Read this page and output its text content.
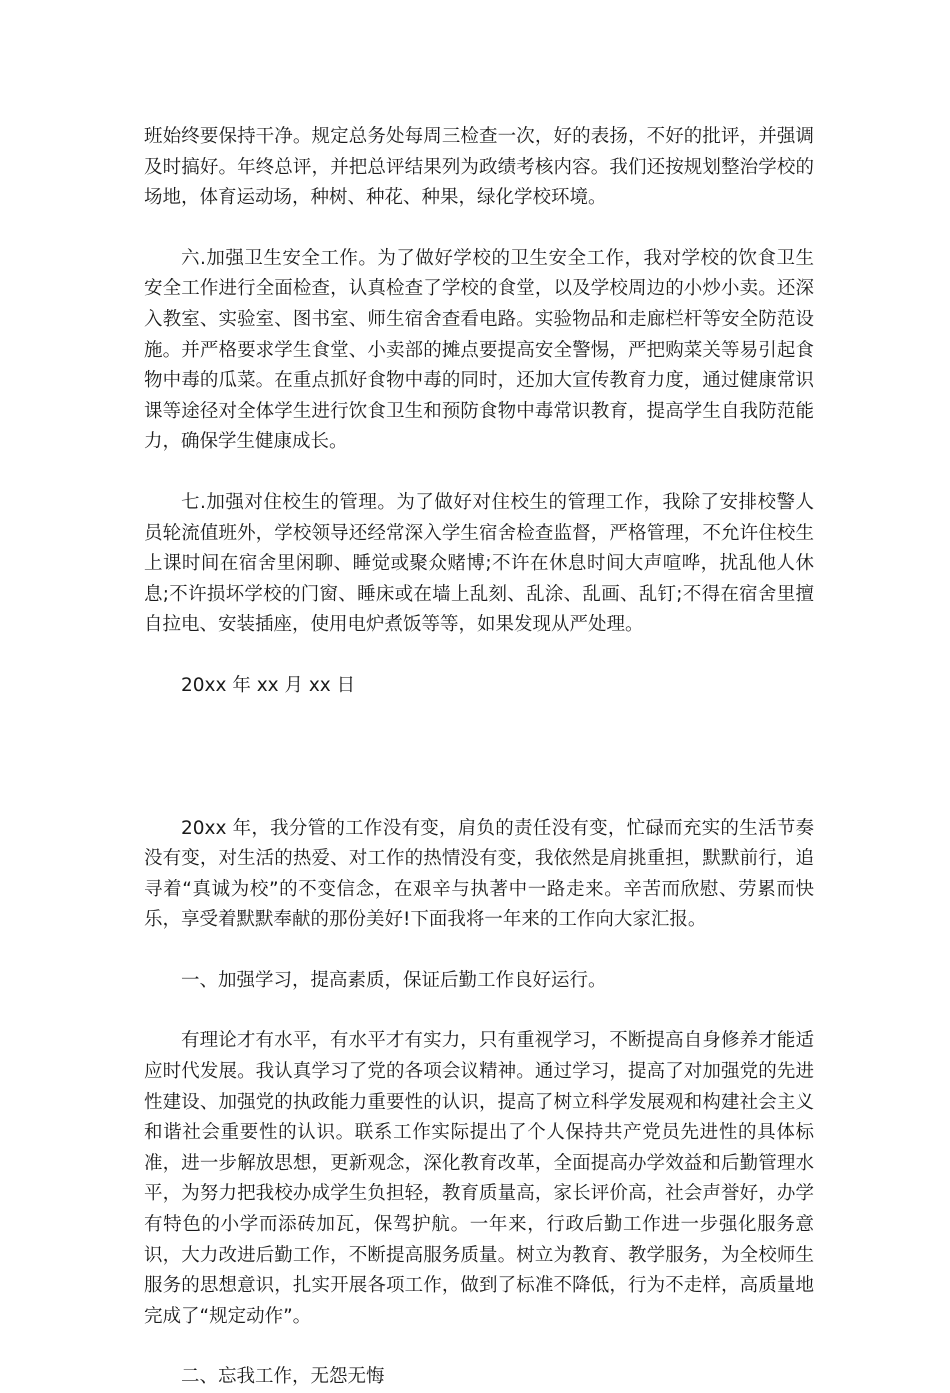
班始终要保持干净。规定总务处每周三检查一次，好的表扬，不好的批评，并强调及时搞好。年终总评，并把总评结果列为政绩考核内容。我们还按规划整治学校的场地，体育运动场，种树、种花、种果，绿化学校环境。

六.加强卫生安全工作。为了做好学校的卫生安全工作，我对学校的饮食卫生安全工作进行全面检查，认真检查了学校的食堂，以及学校周边的小炒小卖。还深入教室、实验室、图书室、师生宿舍查看电路。实验物品和走廊栏杆等安全防范设施。并严格要求学生食堂、小卖部的摊点要提高安全警惕，严把购菜关等易引起食物中毒的瓜菜。在重点抓好食物中毒的同时，还加大宣传教育力度，通过健康常识课等途径对全体学生进行饮食卫生和预防食物中毒常识教育，提高学生自我防范能力，确保学生健康成长。

七.加强对住校生的管理。为了做好对住校生的管理工作，我除了安排校警人员轮流值班外，学校领导还经常深入学生宿舍检查监督，严格管理，不允许住校生上课时间在宿舍里闲聊、睡觉或聚众赌博;不许在休息时间大声喧哗，扰乱他人休息;不许损坏学校的门窗、睡床或在墙上乱刻、乱涂、乱画、乱钉;不得在宿舍里擅自拉电、安装插座，使用电炉煮饭等等，如果发现从严处理。

20xx 年 xx 月 xx 日

20xx 年，我分管的工作没有变，肩负的责任没有变，忙碌而充实的生活节奏没有变，对生活的热爱、对工作的热情没有变，我依然是肩挑重担，默默前行，追寻着“真诚为校”的不变信念，在艰辛与执著中一路走来。辛苦而欣慰、劳累而快乐，享受着默默奉献的那份美好!下面我将一年来的工作向大家汇报。

一、加强学习，提高素质，保证后勤工作良好运行。

有理论才有水平，有水平才有实力，只有重视学习，不断提高自身修养才能适应时代发展。我认真学习了党的各项会议精神。通过学习，提高了对加强党的先进性建设、加强党的执政能力重要性的认识，提高了树立科学发展观和构建社会主义和谐社会重要性的认识。联系工作实际提出了个人保持共产党员先进性的具体标准，进一步解放思想，更新观念，深化教育改革，全面提高办学效益和后勤管理水平，为努力把我校办成学生负担轻，教育质量高，家长评价高，社会声誉好，办学有特色的小学而添砖加瓦，保驾护航。一年来，行政后勤工作进一步强化服务意识，大力改进后勤工作，不断提高服务质量。树立为教育、教学服务，为全校师生服务的思想意识，扎实开展各项工作，做到了标准不降低，行为不走样，高质量地完成了“规定动作”。

二、忘我工作，无怨无悔
